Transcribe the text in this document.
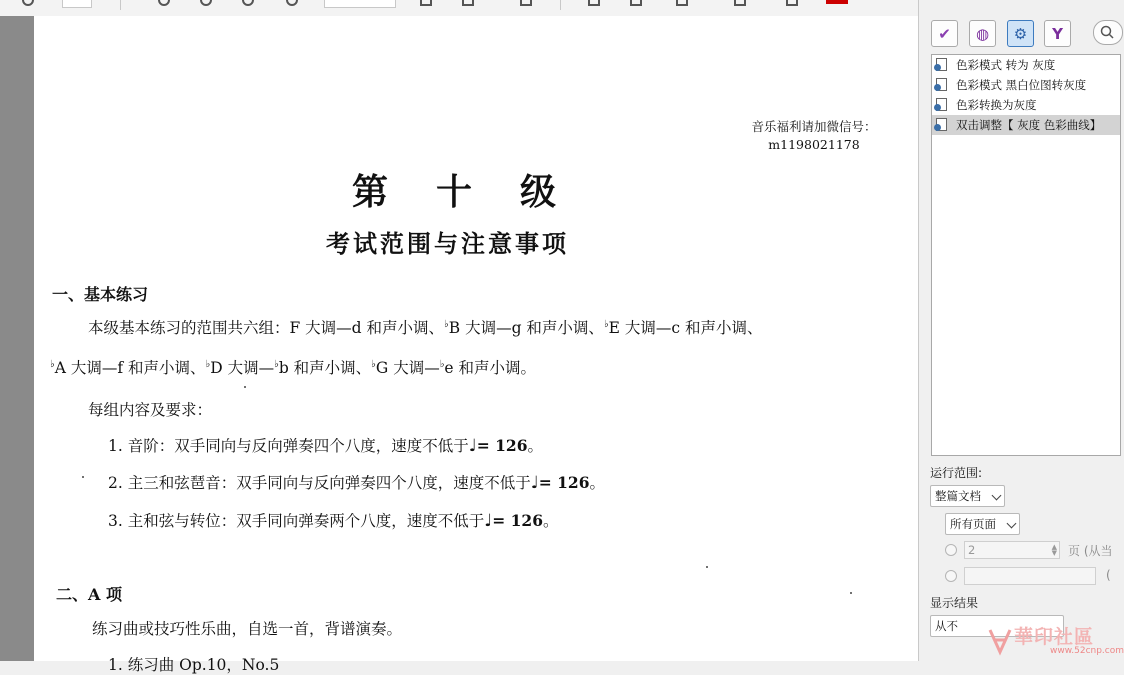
音乐福利请加微信号：
m1198021178
第十级
考试范围与注意事项
一、基本练习
本级基本练习的范围共六组：F 大调—d 和声小调、♭B 大调—g 和声小调、♭E 大调—c 和声小调、
♭A 大调—f 和声小调、♭D 大调—♭b 和声小调、♭G 大调—♭e 和声小调。
每组内容及要求：
1. 音阶：双手同向与反向弹奏四个八度，速度不低于♩= 126。
2. 主三和弦琶音：双手同向与反向弹奏四个八度，速度不低于♩= 126。
3. 主和弦与转位：双手同向弹奏两个八度，速度不低于♩= 126。
二、A 项
练习曲或技巧性乐曲，自选一首，背谱演奏。
1. 练习曲 Op.10，No.5
✔ ◍ ⚙ Y
色彩模式 转为 灰度
色彩模式 黑白位图转灰度
色彩转换为灰度
双击调整【 灰度 色彩曲线】
运行范围:
整篇文档
所有页面
2	▲
▼ 页 (从当
(
显示结果
从不	華印社區
www.52cnp.com
